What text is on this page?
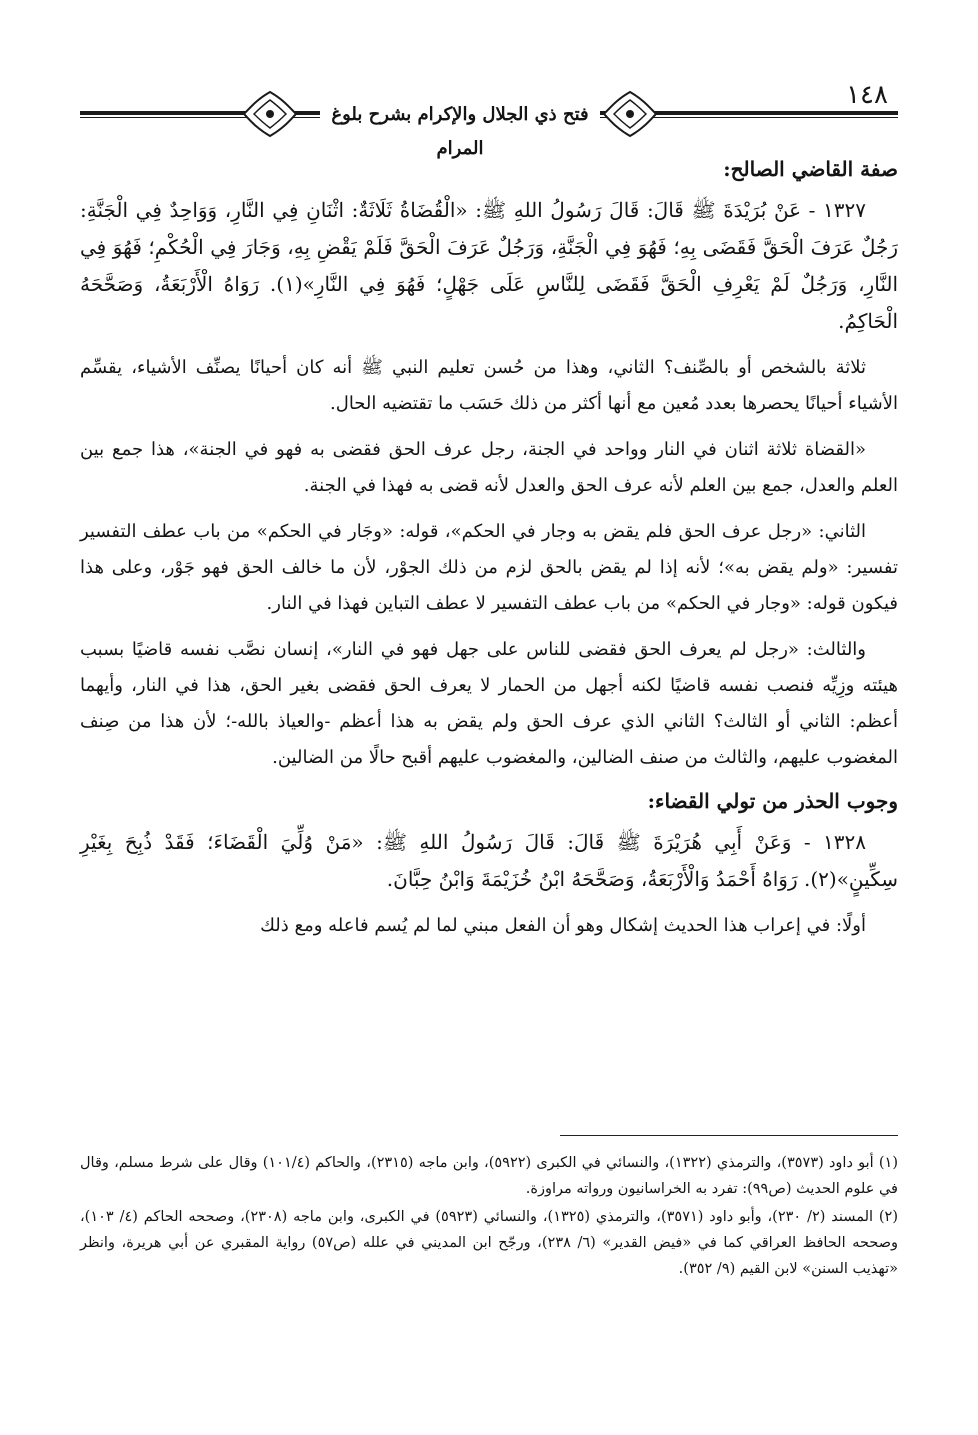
فتح ذي الجلال والإكرام بشرح بلوغ المرام
١٤٨
صفة القاضي الصالح:

١٣٢٧ - عَنْ بُرَيْدَةَ ﷺ قَالَ: قَالَ رَسُولُ اللهِ ﷺ: «الْقُضَاةُ ثَلَاثَةٌ: اثْنَانِ فِي النَّارِ، وَوَاحِدٌ فِي الْجَنَّةِ: رَجُلٌ عَرَفَ الْحَقَّ فَقَضَى بِهِ؛ فَهُوَ فِي الْجَنَّةِ، وَرَجُلٌ عَرَفَ الْحَقَّ فَلَمْ يَقْضِ بِهِ، وَجَارَ فِي الْحُكْمِ؛ فَهُوَ فِي النَّارِ، وَرَجُلٌ لَمْ يَعْرِفِ الْحَقَّ فَقَضَى لِلنَّاسِ عَلَى جَهْلٍ؛ فَهُوَ فِي النَّارِ»(١). رَوَاهُ الْأَرْبَعَةُ، وَصَحَّحَهُ الْحَاكِمُ.

ثلاثة بالشخص أو بالصِّنف؟ الثاني، وهذا من حُسن تعليم النبي ﷺ أنه كان أحيانًا يصنِّف الأشياء، يقسِّم الأشياء أحيانًا يحصرها بعدد مُعين مع أنها أكثر من ذلك حَسَب ما تقتضيه الحال.

«القضاة ثلاثة اثنان في النار وواحد في الجنة، رجل عرف الحق فقضى به فهو في الجنة»، هذا جمع بين العلم والعدل، جمع بين العلم لأنه عرف الحق والعدل لأنه قضى به فهذا في الجنة.

الثاني: «رجل عرف الحق فلم يقض به وجار في الحكم»، قوله: «وجَار في الحكم» من باب عطف التفسير تفسير: «ولم يقض به»؛ لأنه إذا لم يقض بالحق لزم من ذلك الجوْر، لأن ما خالف الحق فهو جَوْر، وعلى هذا فيكون قوله: «وجار في الحكم» من باب عطف التفسير لا عطف التباين فهذا في النار.

والثالث: «رجل لم يعرف الحق فقضى للناس على جهل فهو في النار»، إنسان نصَّب نفسه قاضيًا بسبب هيئته وزِيِّه فنصب نفسه قاضيًا لكنه أجهل من الحمار لا يعرف الحق فقضى بغير الحق، هذا في النار، وأيهما أعظم: الثاني أو الثالث؟ الثاني الذي عرف الحق ولم يقض به هذا أعظم -والعياذ بالله-؛ لأن هذا من صِنف المغضوب عليهم، والثالث من صنف الضالين، والمغضوب عليهم أقبح حالًا من الضالين.

وجوب الحذر من تولي القضاء:

١٣٢٨ - وَعَنْ أَبِي هُرَيْرَةَ ﷺ قَالَ: قَالَ رَسُولُ اللهِ ﷺ: «مَنْ وُلِّيَ الْقَضَاءَ؛ فَقَدْ ذُبِحَ بِغَيْرِ سِكِّينٍ»(٢). رَوَاهُ أَحْمَدُ وَالْأَرْبَعَةُ، وَصَحَّحَهُ ابْنُ خُزَيْمَةَ وَابْنُ حِبَّانَ.

أولًا: في إعراب هذا الحديث إشكال وهو أن الفعل مبني لما لم يُسم فاعله ومع ذلك

(١) أبو داود (٣٥٧٣)، والترمذي (١٣٢٢)، والنسائي في الكبرى (٥٩٢٢)، وابن ماجه (٢٣١٥)، والحاكم (١٠١/٤) وقال على شرط مسلم، وقال في علوم الحديث (ص٩٩): تفرد به الخراسانيون ورواته مراوزة.

(٢) المسند (٢/ ٢٣٠)، وأبو داود (٣٥٧١)، والترمذي (١٣٢٥)، والنسائي (٥٩٢٣) في الكبرى، وابن ماجه (٢٣٠٨)، وصححه الحاكم (٤/ ١٠٣)، وصححه الحافظ العراقي كما في «فيض القدير» (٦/ ٢٣٨)، ورجّح ابن المديني في علله (ص٥٧) رواية المقبري عن أبي هريرة، وانظر «تهذيب السنن» لابن القيم (٩/ ٣٥٢).
